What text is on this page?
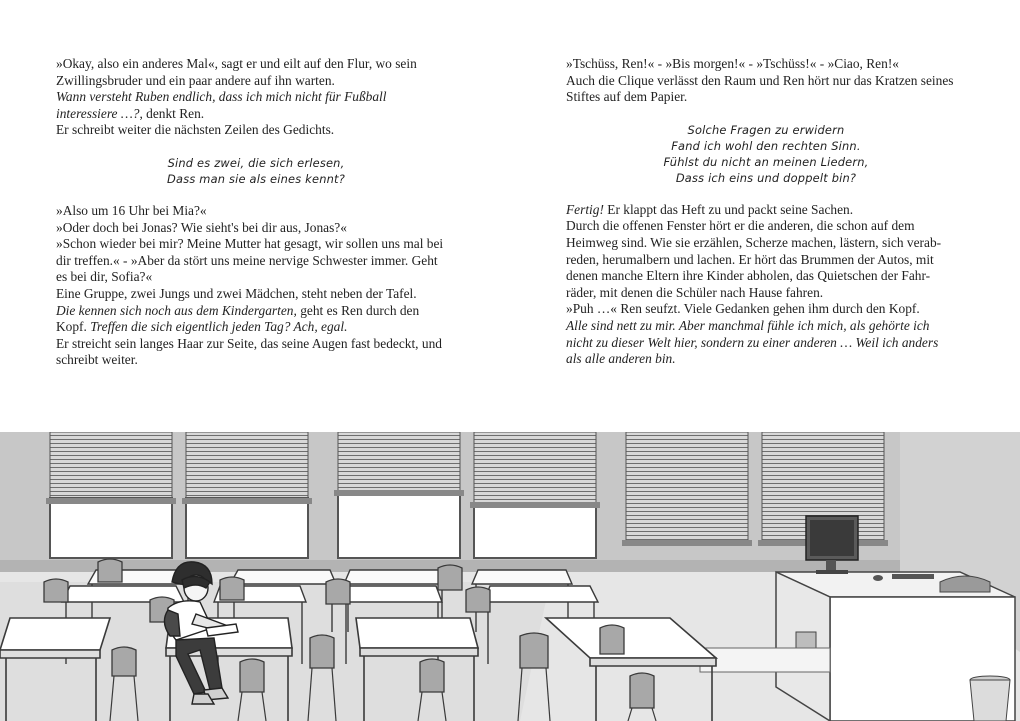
»Okay, also ein anderes Mal«, sagt er und eilt auf den Flur, wo sein

Zwillingsbruder und ein paar andere auf ihn warten.

Wann versteht Ruben endlich, dass ich mich nicht für Fußball
interessiere …?, denkt Ren.

Er schreibt weiter die nächsten Zeilen des Gedichts.

Sind es zwei, die sich erlesen,
Dass man sie als eines kennt?

»Also um 16 Uhr bei Mia?«

»Oder doch bei Jonas? Wie sieht's bei dir aus, Jonas?«

»Schon wieder bei mir? Meine Mutter hat gesagt, wir sollen uns mal bei

dir treffen.« - »Aber da stört uns meine nervige Schwester immer. Geht

es bei dir, Sofia?«

Eine Gruppe, zwei Jungs und zwei Mädchen, steht neben der Tafel.

Die kennen sich noch aus dem Kindergarten, geht es Ren durch den
Kopf. Treffen die sich eigentlich jeden Tag? Ach, egal.

Er streicht sein langes Haar zur Seite, das seine Augen fast bedeckt, und

schreibt weiter.

»Tschüss, Ren!« - »Bis morgen!« - »Tschüss!« - »Ciao, Ren!«

Auch die Clique verlässt den Raum und Ren hört nur das Kratzen seines

Stiftes auf dem Papier.

Solche Fragen zu erwidern
Fand ich wohl den rechten Sinn.
Fühlst du nicht an meinen Liedern,
Dass ich eins und doppelt bin?

Fertig! Er klappt das Heft zu und packt seine Sachen.

Durch die offenen Fenster hört er die anderen, die schon auf dem

Heimweg sind. Wie sie erzählen, Scherze machen, lästern, sich verab-

reden, herumalbern und lachen. Er hört das Brummen der Autos, mit

denen manche Eltern ihre Kinder abholen, das Quietschen der Fahr-

räder, mit denen die Schüler nach Hause fahren.

»Puh …« Ren seufzt. Viele Gedanken gehen ihm durch den Kopf.

Alle sind nett zu mir. Aber manchmal fühle ich mich, als gehörte ich

nicht zu dieser Welt hier, sondern zu einer anderen … Weil ich anders

als alle anderen bin.
